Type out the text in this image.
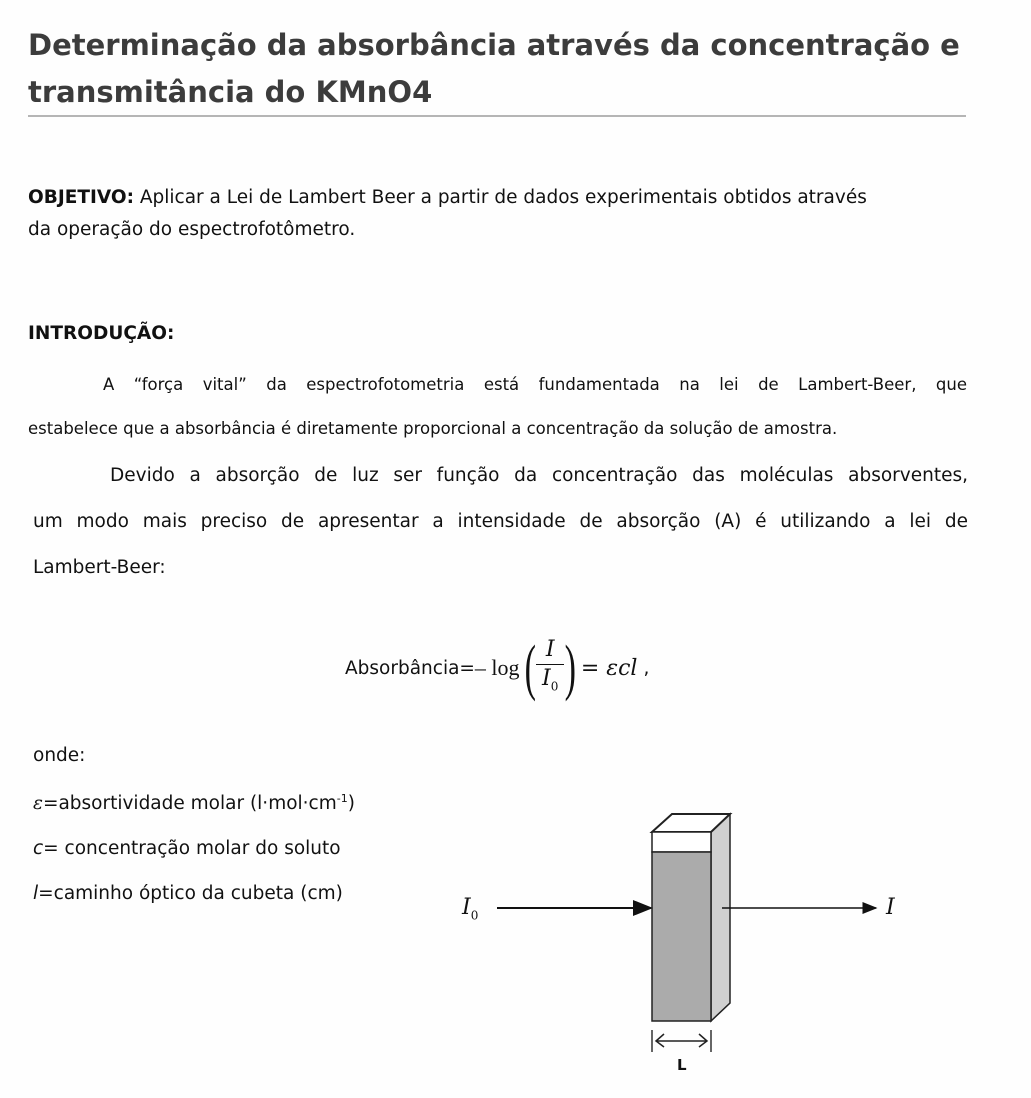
Determinação da absorbância através da concentração e transmitância do KMnO4
OBJETIVO: Aplicar a Lei de Lambert Beer a partir de dados experimentais obtidos através
da operação do espectrofotômetro.
INTRODUÇÃO:
A “força vital” da espectrofotometria está fundamentada na lei de Lambert-Beer, que
estabelece que a absorbância é diretamente proporcional a concentração da solução de amostra.
Devido a absorção de luz ser função da concentração das moléculas absorventes,
um modo mais preciso de apresentar a intensidade de absorção (A) é utilizando a lei de
Lambert-Beer:
Absorbância= – log ( I
$I_0$ ) = εcl ,
onde:
ε=absortividade molar $(l\cdot mol\cdot cm^{-1})$
c= concentração molar do soluto
l=caminho óptico da cubeta (cm)
$I_0$	I
L
